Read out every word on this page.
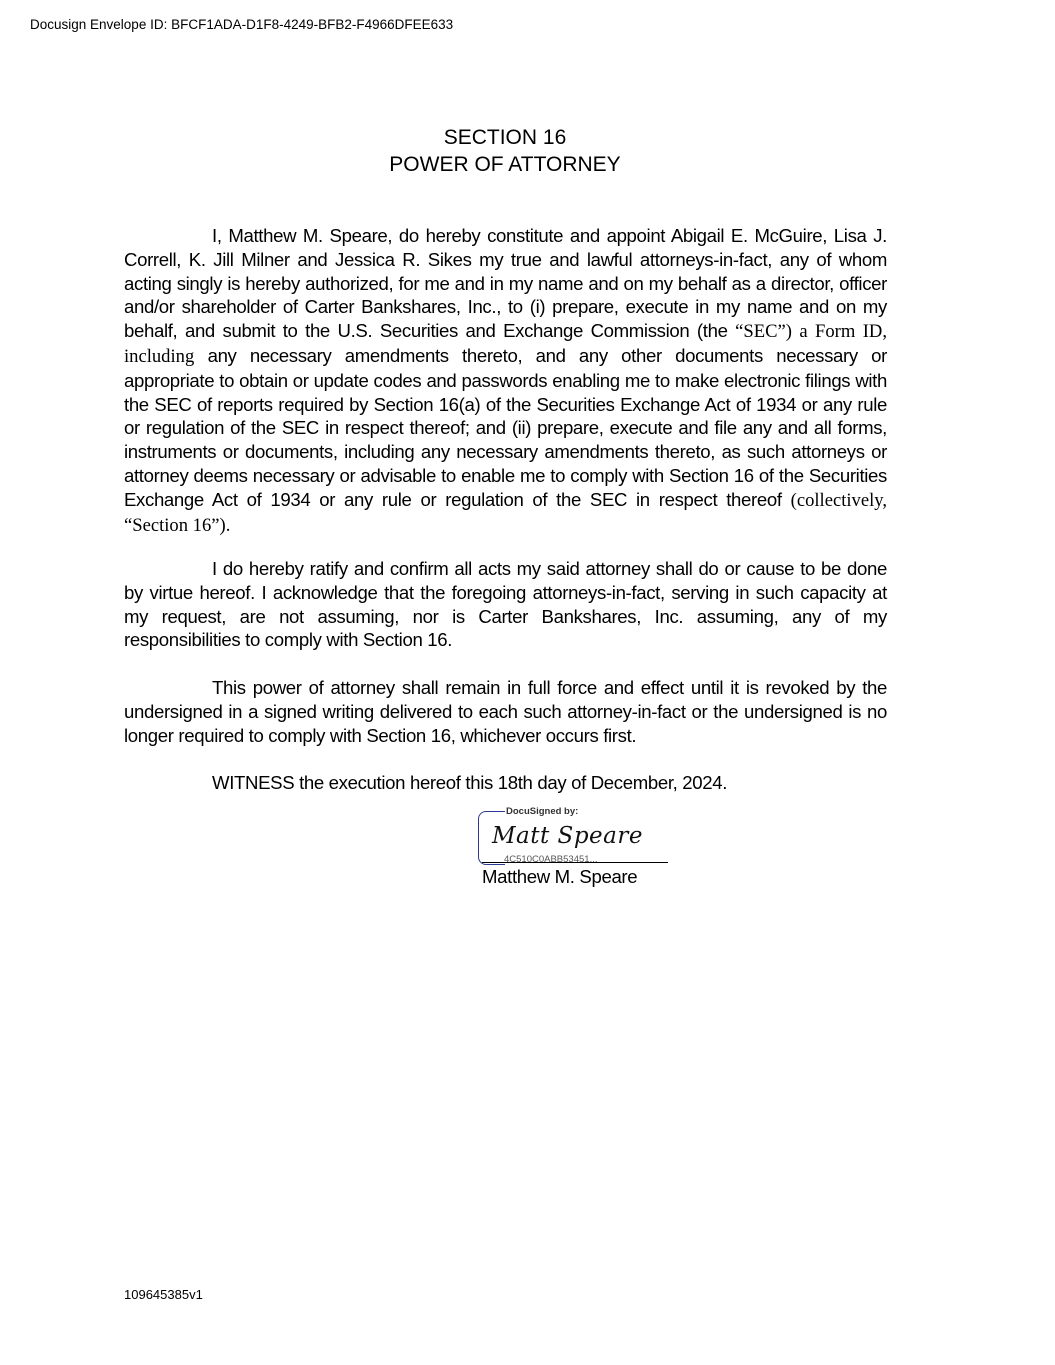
Docusign Envelope ID: BFCF1ADA-D1F8-4249-BFB2-F4966DFEE633
SECTION 16
POWER OF ATTORNEY

I, Matthew M. Speare, do hereby constitute and appoint Abigail E. McGuire, Lisa J. Correll, K. Jill Milner and Jessica R. Sikes my true and lawful attorneys-in-fact, any of whom acting singly is hereby authorized, for me and in my name and on my behalf as a director, officer and/or shareholder of Carter Bankshares, Inc., to (i) prepare, execute in my name and on my behalf, and submit to the U.S. Securities and Exchange Commission (the “SEC”) a Form ID, including any necessary amendments thereto, and any other documents necessary or appropriate to obtain or update codes and passwords enabling me to make electronic filings with the SEC of reports required by Section 16(a) of the Securities Exchange Act of 1934 or any rule or regulation of the SEC in respect thereof; and (ii) prepare, execute and file any and all forms, instruments or documents, including any necessary amendments thereto, as such attorneys or attorney deems necessary or advisable to enable me to comply with Section 16 of the Securities Exchange Act of 1934 or any rule or regulation of the SEC in respect thereof (collectively, “Section 16”).

I do hereby ratify and confirm all acts my said attorney shall do or cause to be done by virtue hereof. I acknowledge that the foregoing attorneys-in-fact, serving in such capacity at my request, are not assuming, nor is Carter Bankshares, Inc. assuming, any of my responsibilities to comply with Section 16.

This power of attorney shall remain in full force and effect until it is revoked by the undersigned in a signed writing delivered to each such attorney-in-fact or the undersigned is no longer required to comply with Section 16, whichever occurs first.

WITNESS the execution hereof this 18th day of December, 2024.

DocuSigned by:
Matt Speare
4C510C0ABB53451...
Matthew M. Speare
109645385v1
